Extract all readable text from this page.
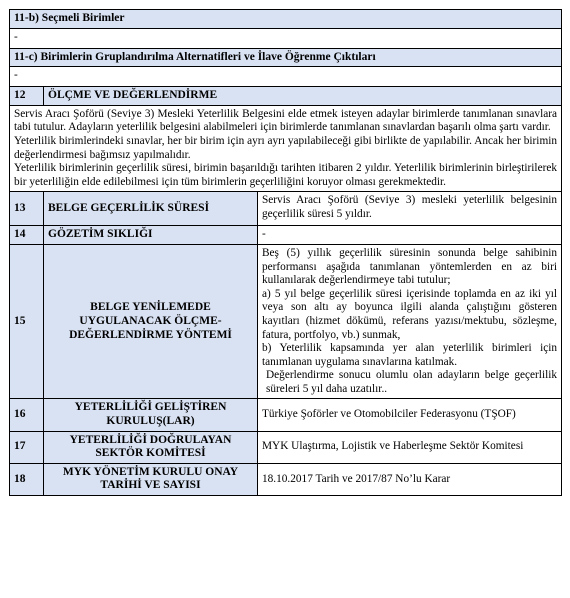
11-b) Seçmeli Birimler		
-		
11-c) Birimlerin Gruplandırılma Alternatifleri ve İlave Öğrenme Çıktıları		
-		
12	ÖLÇME VE DEĞERLENDİRME	

Servis Aracı Şoförü (Seviye 3) Mesleki Yeterlilik Belgesini elde etmek isteyen adaylar birimlerde tanımlanan sınavlara tabi tutulur. Adayların yeterlilik belgesini alabilmeleri için birimlerde tanımlanan sınavlardan başarılı olma şartı vardır.

Yeterlilik birimlerindeki sınavlar, her bir birim için ayrı ayrı yapılabileceği gibi birlikte de yapılabilir. Ancak her birimin değerlendirmesi bağımsız yapılmalıdır.

Yeterlilik birimlerinin geçerlilik süresi, birimin başarıldığı tarihten itibaren 2 yıldır. Yeterlilik birimlerinin birleştirilerek bir yeterliliğin elde edilebilmesi için tüm birimlerin geçerliliğini koruyor olması gerekmektedir.		

13	BELGE GEÇERLİLİK SÜRESİ	Servis Aracı Şoförü (Seviye 3) mesleki yeterlilik belgesinin geçerlilik süresi 5 yıldır.
14	GÖZETİM SIKLIĞI	-
15	BELGE YENİLEMEDE UYGULANACAK ÖLÇME-DEĞERLENDİRME YÖNTEMİ	Beş (5) yıllık geçerlilik süresinin sonunda belge sahibinin performansı aşağıda tanımlanan yöntemlerden en az biri kullanılarak değerlendirmeye tabi tutulur;

a) 5 yıl belge geçerlilik süresi içerisinde toplamda en az iki yıl veya son altı ay boyunca ilgili alanda çalıştığını gösteren kayıtları (hizmet dökümü, referans yazısı/mektubu, sözleşme, fatura, portfolyo, vb.) sunmak,

b) Yeterlilik kapsamında yer alan yeterlilik birimleri için tanımlanan uygulama sınavlarına katılmak.

Değerlendirme sonucu olumlu olan adayların belge geçerlilik süreleri 5 yıl daha uzatılır..

16	YETERLİLİĞİ GELİŞTİREN KURULUŞ(LAR)	Türkiye Şoförler ve Otomobilciler Federasyonu (TŞOF)
17	YETERLİLİĞİ DOĞRULAYAN SEKTÖR KOMİTESİ	MYK Ulaştırma, Lojistik ve Haberleşme Sektör Komitesi
18	MYK YÖNETİM KURULU ONAY TARİHİ VE SAYISI	18.10.2017 Tarih ve 2017/87 No’lu Karar
